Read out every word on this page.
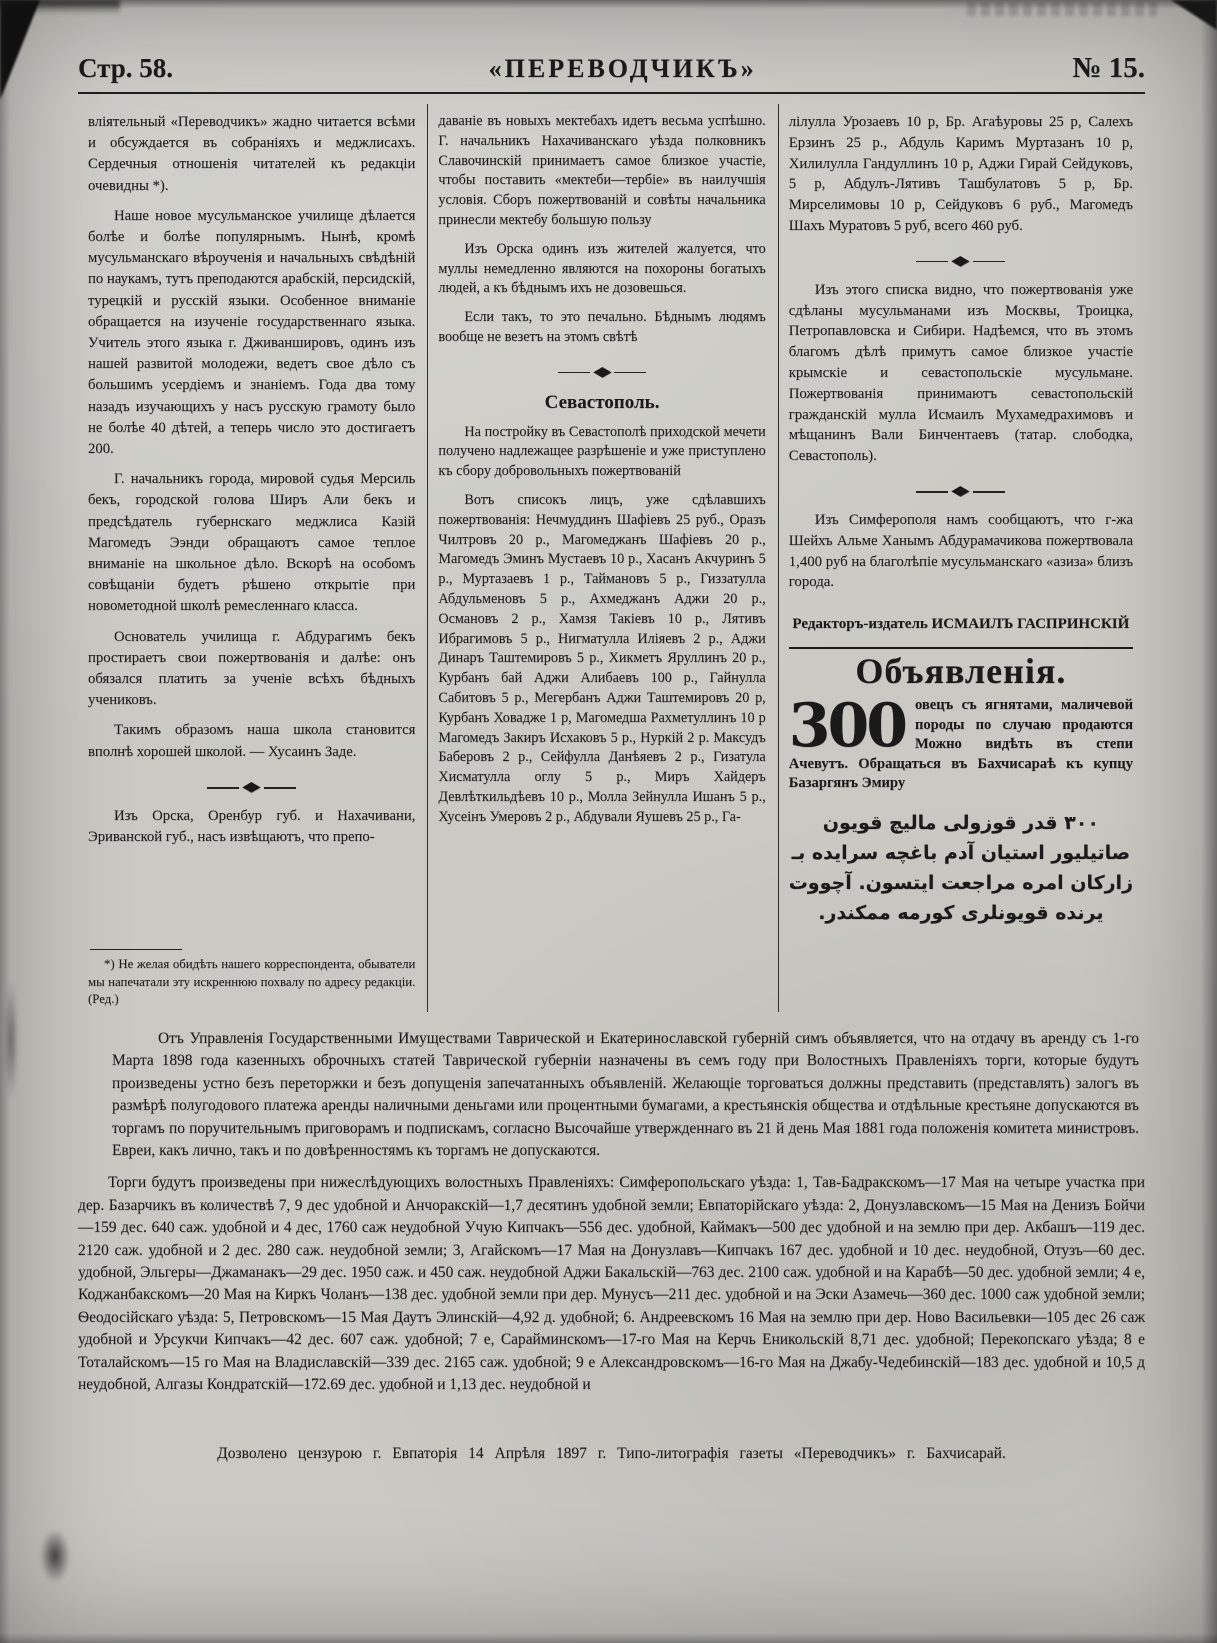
Стр. 58.	«ПЕРЕВОДЧИКЪ»	№ 15.

вліятельный «Переводчикъ» жадно читается всѣми и обсуждается въ собраніяхъ и меджлисахъ. Сердечныя отношенія читателей къ редакціи очевидны *).

Наше новое мусульманское училище дѣлается болѣе и болѣе популярнымъ. Нынѣ, кромѣ мусульманскаго вѣроученія и начальныхъ свѣдѣній по наукамъ, тутъ преподаются арабскій, персидскій, турецкій и русскій языки. Особенное вниманіе обращается на изученіе государственнаго языка. Учитель этого языка г. Дживаншировъ, одинъ изъ нашей развитой молодежи, ведетъ свое дѣло съ большимъ усердіемъ и знаніемъ. Года два тому назадъ изучающихъ у насъ русскую грамоту было не болѣе 40 дѣтей, а теперь число это достигаетъ 200.

Г. начальникъ города, мировой судья Мерсиль бекъ, городской голова Ширъ Али бекъ и предсѣдатель губернскаго меджлиса Казій Магомедъ Ээнди обращаютъ самое теплое вниманіе на школьное дѣло. Вскорѣ на особомъ совѣщаніи будетъ рѣшено открытіе при новометодной школѣ ремесленнаго класса.

Основатель училища г. Абдурагимъ бекъ простираетъ свои пожертвованія и далѣе: онъ обязался платить за ученіе всѣхъ бѣдныхъ учениковъ.

Такимъ образомъ наша школа становится вполнѣ хорошей школой. — Хусаинъ Заде.

◆

Изъ Орска, Оренбур губ. и Нахачивани, Эриванской губ., насъ извѣщаютъ, что препо-

*) Не желая обидѣть нашего корреспондента, обыватели мы напечатали эту искреннюю похвалу по адресу редакціи. (Ред.)

даваніе въ новыхъ мектебахъ идетъ весьма успѣшно. Г. начальникъ Нахачиванскаго уѣзда полковникъ Славочинскій принимаетъ самое близкое участіе, чтобы поставить «мектеби—тербіе» въ наилучшія условія. Сборъ пожертвованій и совѣты начальника принесли мектебу большую пользу

Изъ Орска одинъ изъ жителей жалуется, что муллы немедленно являются на похороны богатыхъ людей, а къ бѣднымъ ихъ не дозовешься.

Если такъ, то это печально. Бѣднымъ людямъ вообще не везетъ на этомъ свѣтѣ

◆
Севастополь.

На постройку въ Севастополѣ приходской мечети получено надлежащее разрѣшеніе и уже приступлено къ сбору добровольныхъ пожертвованій

Вотъ списокъ лицъ, уже сдѣлавшихъ пожертвованія: Нечмуддинъ Шафіевъ 25 руб., Оразъ Чилтровъ 20 р., Магомеджанъ Шафіевъ 20 р., Магомедъ Эминъ Мустаевъ 10 р., Хасанъ Акчуринъ 5 р., Муртазаевъ 1 р., Таймановъ 5 р., Гиззатулла Абдульменовъ 5 р., Ахмеджанъ Аджи 20 р., Османовъ 2 р., Хамзя Такіевъ 10 р., Лятивъ Ибрагимовъ 5 р., Нигматулла Иліяевъ 2 р., Аджи Динаръ Таштемировъ 5 р., Хикметъ Яруллинъ 20 р., Курбанъ бай Аджи Алибаевъ 100 р., Гайнулла Сабитовъ 5 р., Мегербанъ Аджи Таштемировъ 20 р, Курбанъ Ховадже 1 р, Магомедша Рахметуллинъ 10 р Магомедъ Закиръ Исхаковъ 5 р., Нуркій 2 р. Максудъ Баберовъ 2 р., Сейфулла Данѣяевъ 2 р., Гизатула Хисматулла оглу 5 р., Миръ Хайдеръ Девлѣткильдѣевъ 10 р., Молла Зейнулла Ишанъ 5 р., Хусеінъ Умеровъ 2 р., Абдували Яушевъ 25 р., Га-

лілулла Урозаевъ 10 р, Бр. Агаѣуровы 25 р, Салехъ Ерзинъ 25 р., Абдуль Каримъ Муртазанъ 10 р, Хилилулла Гандуллинъ 10 р, Аджи Гирай Сейдуковъ, 5 р, Абдулъ-Лятивъ Ташбулатовъ 5 р, Бр. Мирселимовы 10 р, Сейдуковъ 6 руб., Магомедъ Шахъ Муратовъ 5 руб, всего 460 руб.

◆

Изъ этого списка видно, что пожертвованія уже сдѣланы мусульманами изъ Москвы, Троицка, Петропавловска и Сибири. Надѣемся, что въ этомъ благомъ дѣлѣ примутъ самое близкое участіе крымскіе и севастопольскіе мусульмане. Пожертвованія принимаютъ севастопольскій гражданскій мулла Исмаилъ Мухамедрахимовъ и мѣщанинъ Вали Бинчентаевъ (татар. слободка, Севастополь).

◆

Изъ Симферополя намъ сообщаютъ, что г-жа Шейхъ Альме Ханымъ Абдурамачикова пожертвовала 1,400 руб на благолѣпіе мусульманскаго «азиза» близъ города.

Редакторъ-издатель ИСМАИЛЪ ГАСПРИНСКІЙ

Объявленія.
300 овецъ съ ягнятами, маличевой породы по случаю продаются Можно видѣть въ степи Ачевутъ. Обращаться въ Бахчисараѣ къ купцу Базаргянъ Эмиру
٣٠٠ قدر قوزولى ماليچ قويون
صاتيليور استيان آدم باغچه سرايده بـ
زاركان امره مراجعت ايتسون. آچووت
يرنده قويونلرى كورمه ممكندر.

Отъ Управленія Государственными Имуществами Таврической и Екатеринославской губерній симъ объявляется, что на отдачу въ аренду съ 1-го Марта 1898 года казенныхъ оброчныхъ статей Таврической губерніи назначены въ семъ году при Волостныхъ Правленіяхъ торги, которые будутъ произведены устно безъ переторжки и безъ допущенія запечатанныхъ объявленій. Желающіе торговаться должны представить (представлять) залогъ въ размѣрѣ полугодового платежа аренды наличными деньгами или процентными бумагами, а крестьянскія общества и отдѣльные крестьяне допускаются въ торгамъ по поручительнымъ приговорамъ и подпискамъ, согласно Высочайше утвержденнаго въ 21 й день Мая 1881 года положенія комитета министровъ. Евреи, какъ лично, такъ и по довѣренностямъ къ торгамъ не допускаются.

Торги будутъ произведены при нижеслѣдующихъ волостныхъ Правленіяхъ: Симферопольскаго уѣзда: 1, Тав-Бадракскомъ—17 Мая на четыре участка при дер. Базарчикъ въ количествѣ 7, 9 дес удобной и Анчоракскій—1,7 десятинъ удобной земли; Евпаторійскаго уѣзда: 2, Донузлавскомъ—15 Мая на Денизъ Бойчи—159 дес. 640 саж. удобной и 4 дес, 1760 саж неудобной Учую Кипчакъ—556 дес. удобной, Каймакъ—500 дес удобной и на землю при дер. Акбашъ—119 дес. 2120 саж. удобной и 2 дес. 280 саж. неудобной земли; 3, Агайскомъ—17 Мая на Донузлавъ—Кипчакъ 167 дес. удобной и 10 дес. неудобной, Отузъ—60 дес. удобной, Эльгеры—Джаманакъ—29 дес. 1950 саж. и 450 саж. неудобной Аджи Бакальскій—763 дес. 2100 саж. удобной и на Карабѣ—50 дес. удобной земли; 4 е, Коджанбакскомъ—20 Мая на Киркъ Чоланъ—138 дес. удобной земли при дер. Мунусъ—211 дес. удобной и на Эски Азамечь—360 дес. 1000 саж удобной земли; Ѳеодосійскаго уѣзда: 5, Петровскомъ—15 Мая Даутъ Элинскій—4,92 д. удобной; 6. Андреевскомъ 16 Мая на землю при дер. Ново Васильевки—105 дес 26 саж удобной и Урсукчи Кипчакъ—42 дес. 607 саж. удобной; 7 е, Сарайминскомъ—17-го Мая на Керчь Еникольскій 8,71 дес. удобной; Перекопскаго уѣзда; 8 е Тоталайскомъ—15 го Мая на Владиславскій—339 дес. 2165 саж. удобной; 9 е Александровскомъ—16-го Мая на Джабу-Чедебинскій—183 дес. удобной и 10,5 д неудобной, Алгазы Кондратскій—172.69 дес. удобной и 1,13 дес. неудобной и

Дозволено цензурою г. Евпаторія 14 Апрѣля 1897 г. Типо-литографія газеты «Переводчикъ» г. Бахчисарай.
